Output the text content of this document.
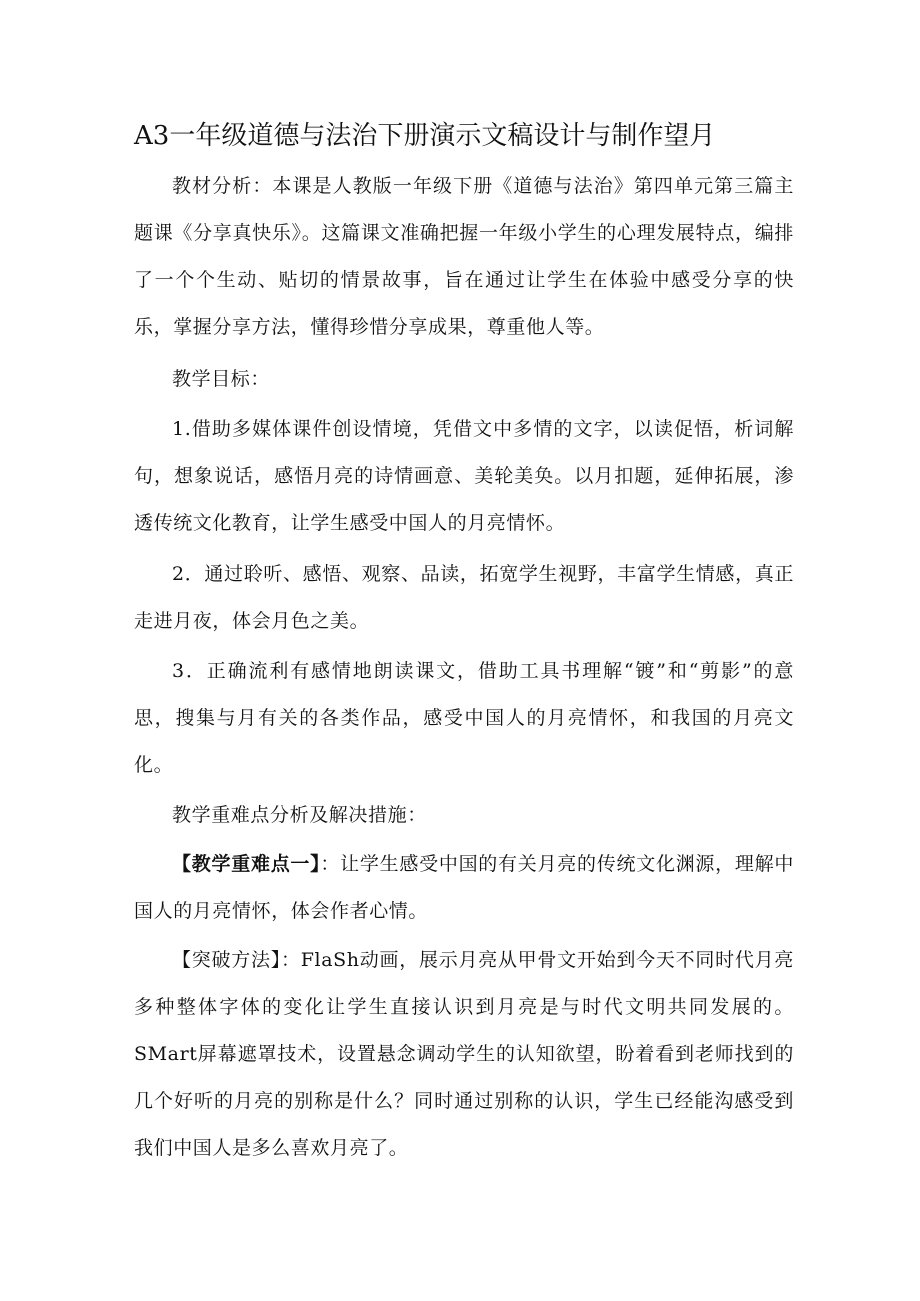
A3一年级道德与法治下册演示文稿设计与制作望月

教材分析：本课是人教版一年级下册《道德与法治》第四单元第三篇主题课《分享真快乐》。这篇课文准确把握一年级小学生的心理发展特点，编排了一个个生动、贴切的情景故事，旨在通过让学生在体验中感受分享的快乐，掌握分享方法，懂得珍惜分享成果，尊重他人等。

教学目标：

1.借助多媒体课件创设情境，凭借文中多情的文字，以读促悟，析词解句，想象说话，感悟月亮的诗情画意、美轮美奂。以月扣题，延伸拓展，渗透传统文化教育，让学生感受中国人的月亮情怀。

2．通过聆听、感悟、观察、品读，拓宽学生视野，丰富学生情感，真正走进月夜，体会月色之美。

3．正确流利有感情地朗读课文，借助工具书理解“镀”和“剪影”的意思，搜集与月有关的各类作品，感受中国人的月亮情怀，和我国的月亮文化。

教学重难点分析及解决措施：

【教学重难点一】：让学生感受中国的有关月亮的传统文化渊源，理解中国人的月亮情怀，体会作者心情。

【突破方法】：FlaSh动画，展示月亮从甲骨文开始到今天不同时代月亮多种整体字体的变化让学生直接认识到月亮是与时代文明共同发展的。SMart屏幕遮罩技术，设置悬念调动学生的认知欲望，盼着看到老师找到的几个好听的月亮的别称是什么？同时通过别称的认识，学生已经能沟感受到我们中国人是多么喜欢月亮了。
